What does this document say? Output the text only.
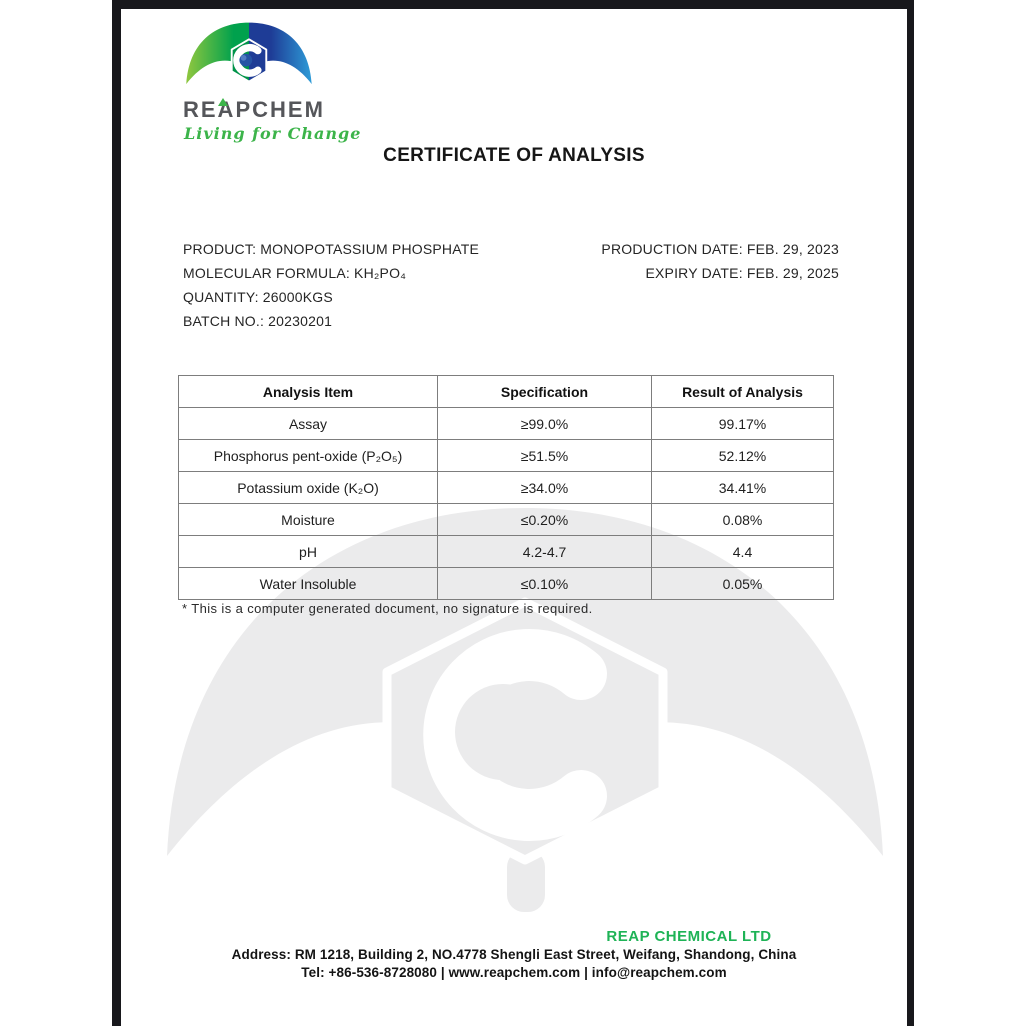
REAPCHEM
Living for Change
CERTIFICATE OF ANALYSIS
PRODUCT: MONOPOTASSIUM PHOSPHATE
MOLECULAR FORMULA: KH₂PO₄
QUANTITY: 26000KGS
BATCH NO.: 20230201
PRODUCTION DATE: FEB. 29, 2023
EXPIRY DATE: FEB. 29, 2025
Analysis Item	Specification	Result of Analysis
Assay	≥99.0%	99.17%
Phosphorus pent-oxide (P₂O₅)	≥51.5%	52.12%
Potassium oxide (K₂O)	≥34.0%	34.41%
Moisture	≤0.20%	0.08%
pH	4.2-4.7	4.4
Water Insoluble	≤0.10%	0.05%
* This is a computer generated document, no signature is required.
REAP CHEMICAL LTD
Address: RM 1218, Building 2, NO.4778 Shengli East Street, Weifang, Shandong, China
Tel: +86-536-8728080 | www.reapchem.com | info@reapchem.com
